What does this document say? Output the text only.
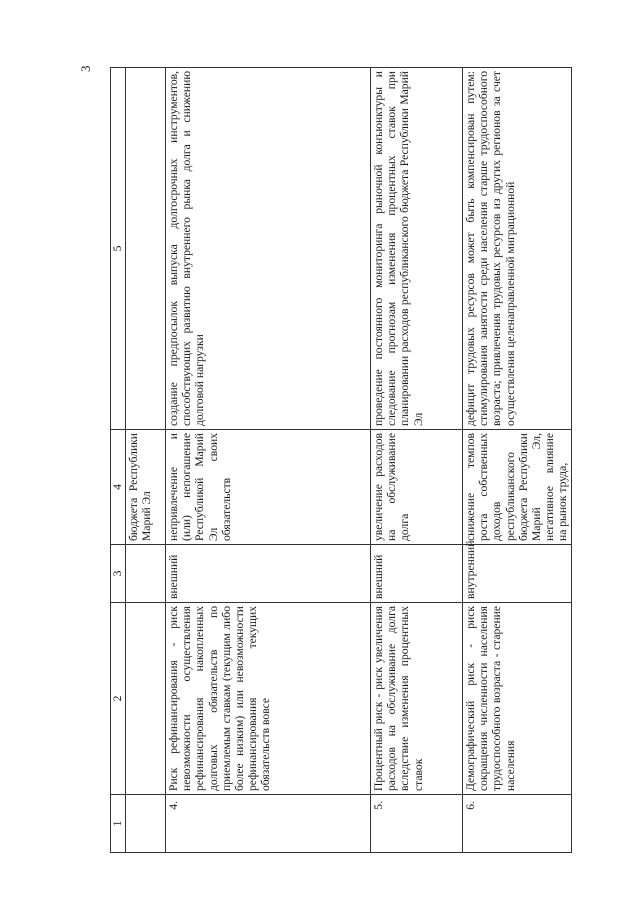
3
1	2	3	4	5
			бюджета Республики Марий Эл	
4.	Риск рефинансирования - риск невозможности осуществления рефинансирования накопленных долговых обязательств по приемлемым ставкам (текущим либо более низким) или невозможности рефинансирования текущих обязательств вовсе	внешний	непривлечение и (или) непогашение Республикой Марий Эл своих обязательств	создание предпосылок выпуска долгосрочных инструментов, способствующих развитию внутреннего рынка долга и снижению долговой нагрузки
5.	Процентный риск - риск увеличения расходов на обслуживание долга вследствие изменения процентных ставок	внешний	увеличение расходов на обслуживание долга	проведение постоянного мониторинга рыночной конъюнктуры и следование прогнозам изменения процентных ставок при планировании расходов республиканского бюджета Республики Марий Эл
6.	Демографический риск - риск сокращения численности населения трудоспособного возраста - старение населения	внутренний	снижение темпов роста собственных доходов республиканского бюджета Республики Марий Эл, негативное влияние на рынок труда,	дефицит трудовых ресурсов может быть компенсирован путем: стимулирования занятости среди населения старше трудоспособного возраста; привлечения трудовых ресурсов из других регионов за счет осуществления целенаправленной миграционной
